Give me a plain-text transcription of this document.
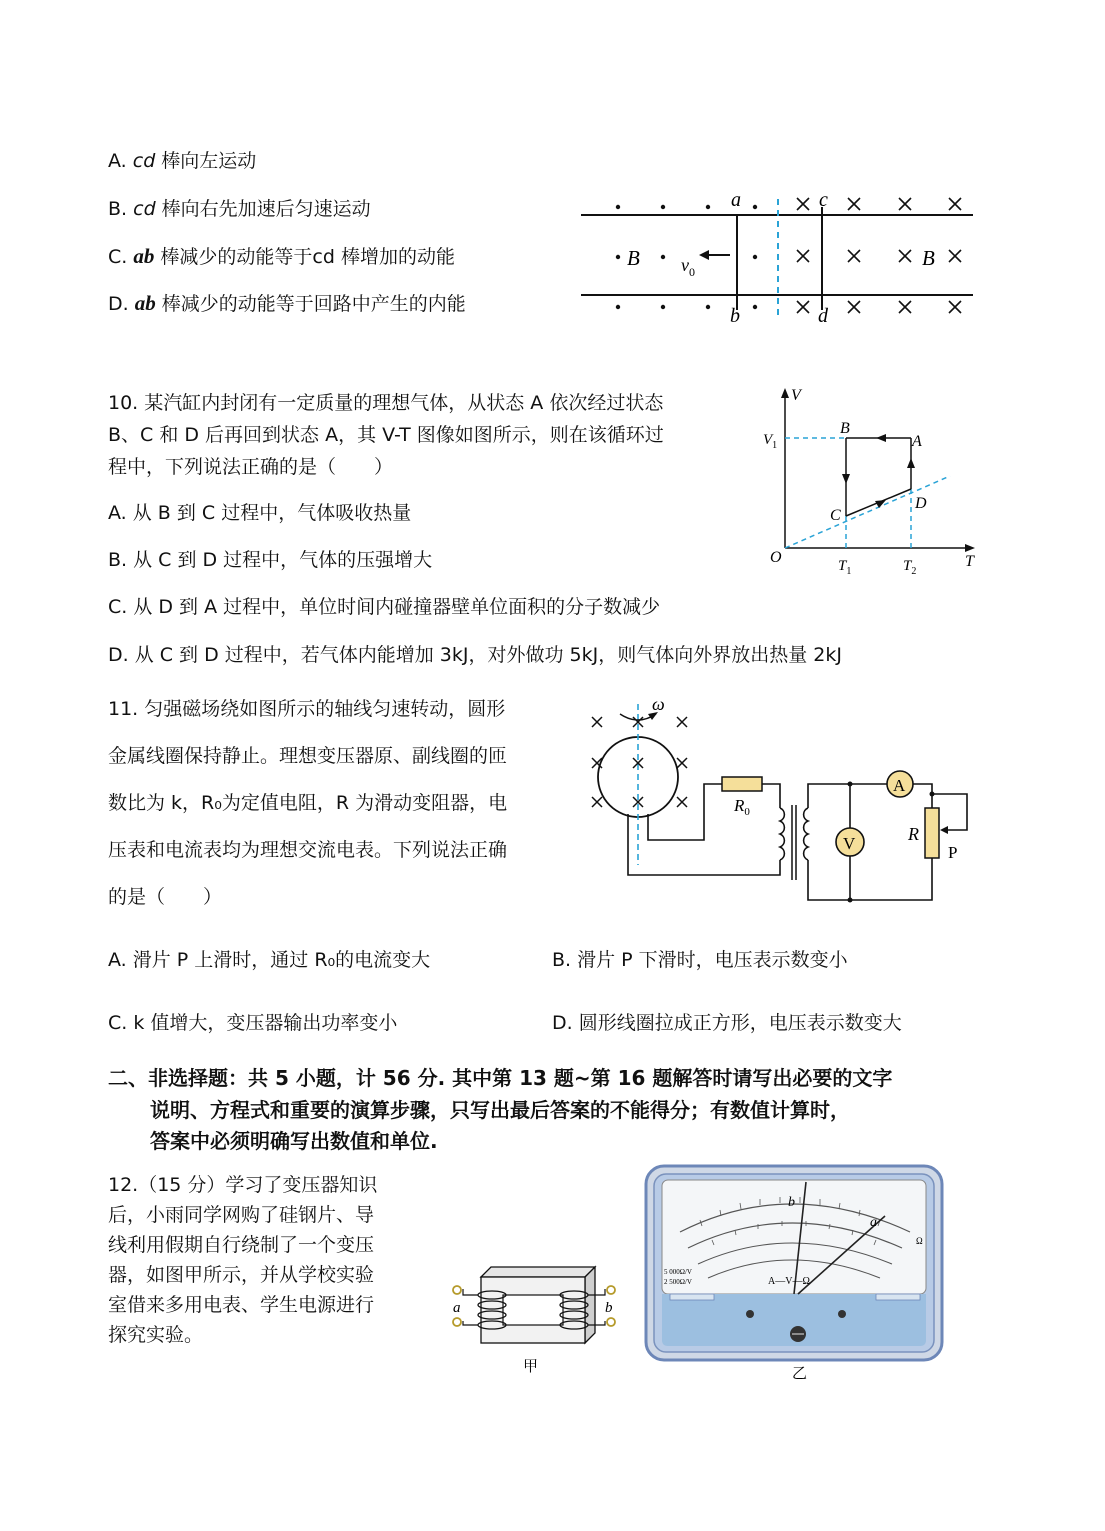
A. cd 棒向左运动
B. cd 棒向右先加速后匀速运动
C. ab 棒减少的动能等于cd 棒增加的动能
D. ab 棒减少的动能等于回路中产生的内能
a
b
c
d
B	B
$v_0$
10. 某汽缸内封闭有一定质量的理想气体，从状态 A 依次经过状态
B、C 和 D 后再回到状态 A，其 V-T 图像如图所示，则在该循环过
程中，下列说法正确的是（　　）
A. 从 B 到 C 过程中，气体吸收热量
B. 从 C 到 D 过程中，气体的压强增大
C. 从 D 到 A 过程中，单位时间内碰撞器壁单位面积的分子数减少
D. 从 C 到 D 过程中，若气体内能增加 3kJ，对外做功 5kJ，则气体向外界放出热量 2kJ
V
T
O
$V_1$
$T_1$	$T_2$
B
A
C
D
11. 匀强磁场绕如图所示的轴线匀速转动，圆形
金属线圈保持静止。理想变压器原、副线圈的匝
数比为 k，R₀为定值电阻，R 为滑动变阻器，电
压表和电流表均为理想交流电表。下列说法正确
的是（　　）
ω
$R_0$
V
A
R
P
A. 滑片 P 上滑时，通过 R₀的电流变大	B. 滑片 P 下滑时，电压表示数变小
C. k 值增大，变压器输出功率变小	D. 圆形线圈拉成正方形，电压表示数变大
二、非选择题：共 5 小题，计 56 分. 其中第 13 题~第 16 题解答时请写出必要的文字
说明、方程式和重要的演算步骤，只写出最后答案的不能得分；有数值计算时，
答案中必须明确写出数值和单位.
12.（15 分）学习了变压器知识
后，小雨同学网购了硅钢片、导
线利用假期自行绕制了一个变压
器，如图甲所示，并从学校实验
室借来多用电表、学生电源进行
探究实验。
a	b
甲
b
a
A—V—Ω
5 000Ω/V
2 500Ω/V
Ω
乙
